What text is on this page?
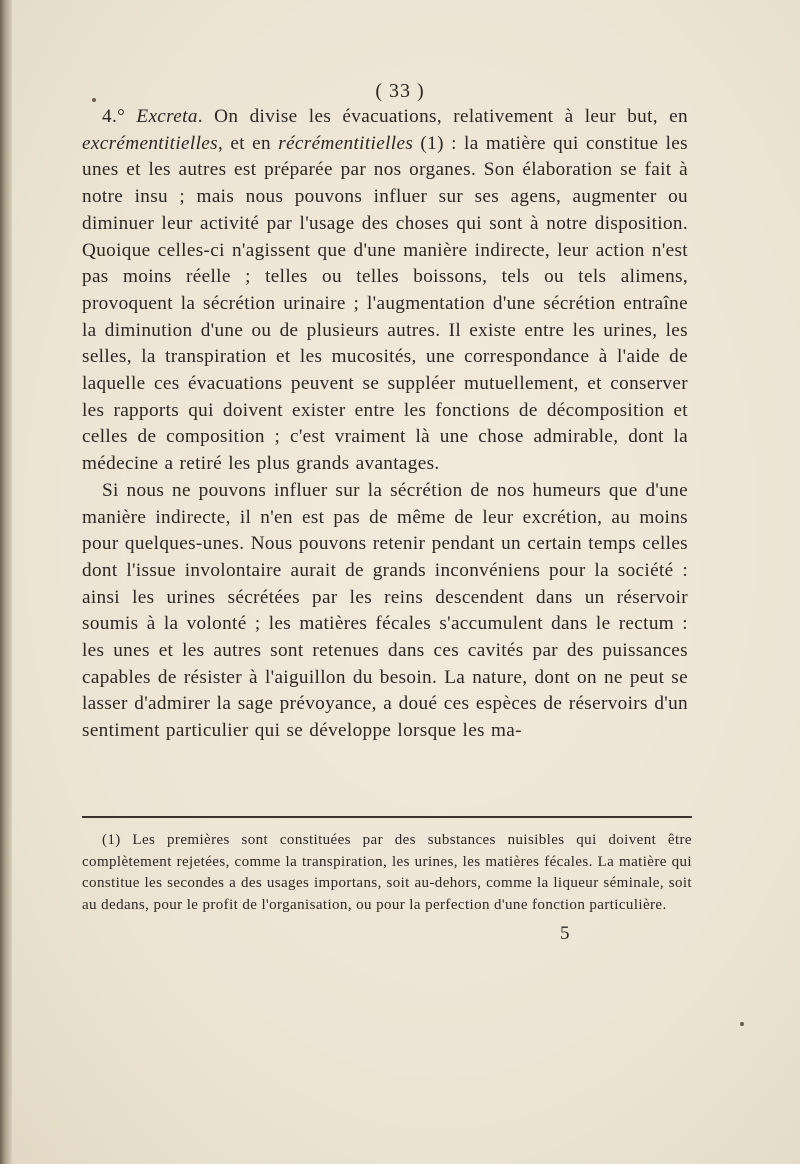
( 33 )

4.° Excreta. On divise les évacuations, relativement à leur but, en excrémentitielles, et en récrémentitielles (1) : la matière qui constitue les unes et les autres est préparée par nos organes. Son élaboration se fait à notre insu ; mais nous pouvons influer sur ses agens, augmenter ou diminuer leur activité par l'usage des choses qui sont à notre disposition. Quoique celles-ci n'agissent que d'une manière indirecte, leur action n'est pas moins réelle ; telles ou telles boissons, tels ou tels alimens, provoquent la sécrétion urinaire ; l'augmentation d'une sécrétion entraîne la diminution d'une ou de plusieurs autres. Il existe entre les urines, les selles, la transpiration et les mucosités, une correspondance à l'aide de laquelle ces évacuations peuvent se suppléer mutuellement, et conserver les rapports qui doivent exister entre les fonctions de décomposition et celles de composition ; c'est vraiment là une chose admirable, dont la médecine a retiré les plus grands avantages.

Si nous ne pouvons influer sur la sécrétion de nos humeurs que d'une manière indirecte, il n'en est pas de même de leur excrétion, au moins pour quelques-unes. Nous pouvons retenir pendant un certain temps celles dont l'issue involontaire aurait de grands inconvéniens pour la société : ainsi les urines sécrétées par les reins descendent dans un réservoir soumis à la volonté ; les matières fécales s'accumulent dans le rectum : les unes et les autres sont retenues dans ces cavités par des puissances capables de résister à l'aiguillon du besoin. La nature, dont on ne peut se lasser d'admirer la sage prévoyance, a doué ces espèces de réservoirs d'un sentiment particulier qui se développe lorsque les ma-

(1) Les premières sont constituées par des substances nuisibles qui doivent être complètement rejetées, comme la transpiration, les urines, les matières fécales. La matière qui constitue les secondes a des usages importans, soit au-dehors, comme la liqueur séminale, soit au dedans, pour le profit de l'organisation, ou pour la perfection d'une fonction particulière.

5
